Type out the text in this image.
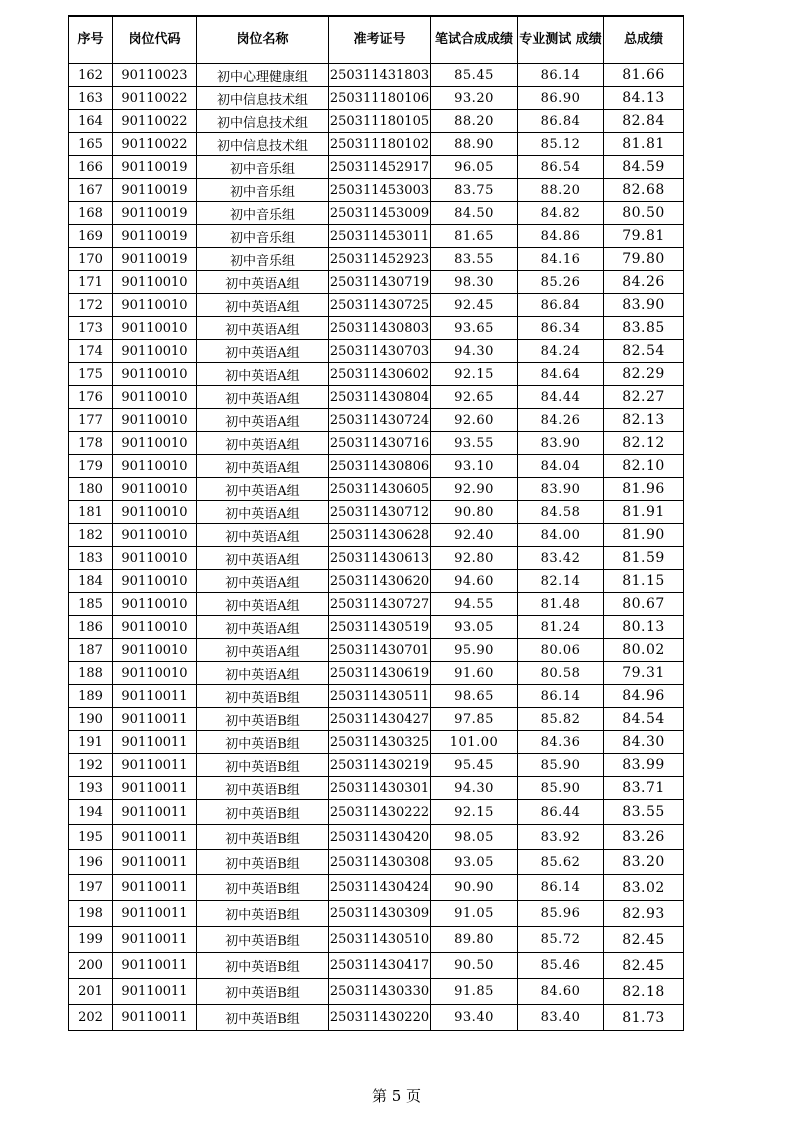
序号	岗位代码	岗位名称	准考证号	笔试合成成绩	专业测试 成绩	总成绩
162	90110023	初中心理健康组	250311431803	85.45	86.14	81.66
163	90110022	初中信息技术组	250311180106	93.20	86.90	84.13
164	90110022	初中信息技术组	250311180105	88.20	86.84	82.84
165	90110022	初中信息技术组	250311180102	88.90	85.12	81.81
166	90110019	初中音乐组	250311452917	96.05	86.54	84.59
167	90110019	初中音乐组	250311453003	83.75	88.20	82.68
168	90110019	初中音乐组	250311453009	84.50	84.82	80.50
169	90110019	初中音乐组	250311453011	81.65	84.86	79.81
170	90110019	初中音乐组	250311452923	83.55	84.16	79.80
171	90110010	初中英语A组	250311430719	98.30	85.26	84.26
172	90110010	初中英语A组	250311430725	92.45	86.84	83.90
173	90110010	初中英语A组	250311430803	93.65	86.34	83.85
174	90110010	初中英语A组	250311430703	94.30	84.24	82.54
175	90110010	初中英语A组	250311430602	92.15	84.64	82.29
176	90110010	初中英语A组	250311430804	92.65	84.44	82.27
177	90110010	初中英语A组	250311430724	92.60	84.26	82.13
178	90110010	初中英语A组	250311430716	93.55	83.90	82.12
179	90110010	初中英语A组	250311430806	93.10	84.04	82.10
180	90110010	初中英语A组	250311430605	92.90	83.90	81.96
181	90110010	初中英语A组	250311430712	90.80	84.58	81.91
182	90110010	初中英语A组	250311430628	92.40	84.00	81.90
183	90110010	初中英语A组	250311430613	92.80	83.42	81.59
184	90110010	初中英语A组	250311430620	94.60	82.14	81.15
185	90110010	初中英语A组	250311430727	94.55	81.48	80.67
186	90110010	初中英语A组	250311430519	93.05	81.24	80.13
187	90110010	初中英语A组	250311430701	95.90	80.06	80.02
188	90110010	初中英语A组	250311430619	91.60	80.58	79.31
189	90110011	初中英语B组	250311430511	98.65	86.14	84.96
190	90110011	初中英语B组	250311430427	97.85	85.82	84.54
191	90110011	初中英语B组	250311430325	101.00	84.36	84.30
192	90110011	初中英语B组	250311430219	95.45	85.90	83.99
193	90110011	初中英语B组	250311430301	94.30	85.90	83.71
194	90110011	初中英语B组	250311430222	92.15	86.44	83.55
195	90110011	初中英语B组	250311430420	98.05	83.92	83.26
196	90110011	初中英语B组	250311430308	93.05	85.62	83.20
197	90110011	初中英语B组	250311430424	90.90	86.14	83.02
198	90110011	初中英语B组	250311430309	91.05	85.96	82.93
199	90110011	初中英语B组	250311430510	89.80	85.72	82.45
200	90110011	初中英语B组	250311430417	90.50	85.46	82.45
201	90110011	初中英语B组	250311430330	91.85	84.60	82.18
202	90110011	初中英语B组	250311430220	93.40	83.40	81.73
第 5 页
